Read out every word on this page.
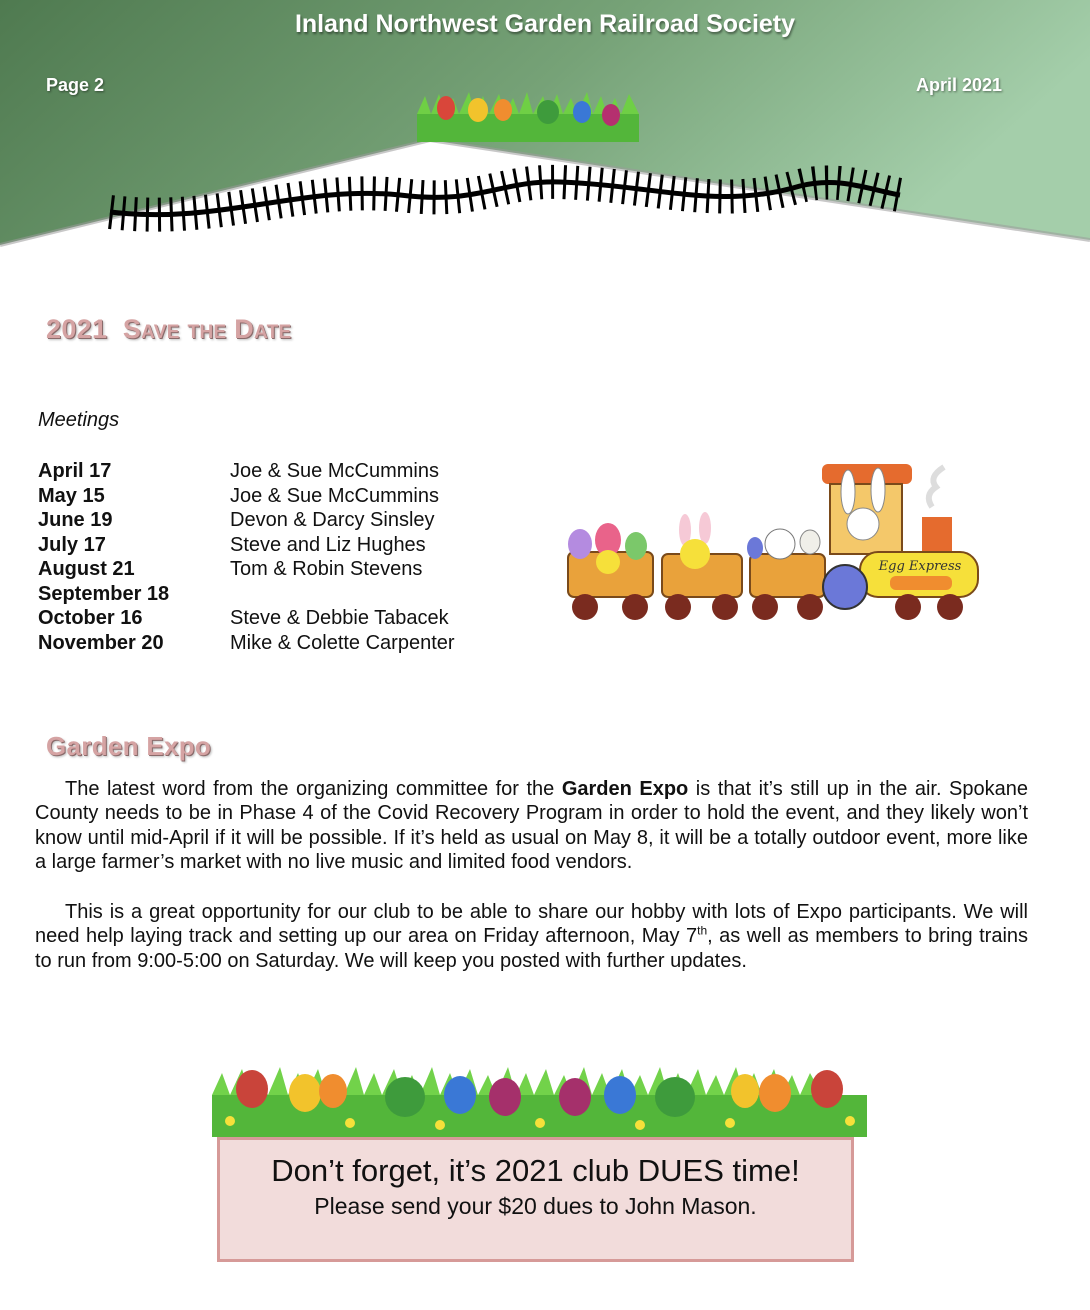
Inland Northwest Garden Railroad Society
Page 2	April 2021
2021 Save the Date
Meetings
April 17	Joe & Sue McCummins
May 15	Joe & Sue McCummins
June 19	Devon & Darcy Sinsley
July 17	Steve and Liz Hughes
August 21	Tom & Robin Stevens
September 18
October 16	Steve & Debbie Tabacek
November 20	Mike & Colette Carpenter
Egg Express
Garden Expo
The latest word from the organizing committee for the Garden Expo is that it’s still up in the air. Spokane County needs to be in Phase 4 of the Covid Recovery Program in order to hold the event, and they likely won’t know until mid-April if it will be possible. If it’s held as usual on May 8, it will be a totally outdoor event, more like a large farmer’s market with no live music and limited food vendors.
This is a great opportunity for our club to be able to share our hobby with lots of Expo participants. We will need help laying track and setting up our area on Friday afternoon, May 7th, as well as members to bring trains to run from 9:00-5:00 on Saturday. We will keep you posted with further updates.
Don’t forget, it’s 2021 club DUES time!
Please send your $20 dues to John Mason.
